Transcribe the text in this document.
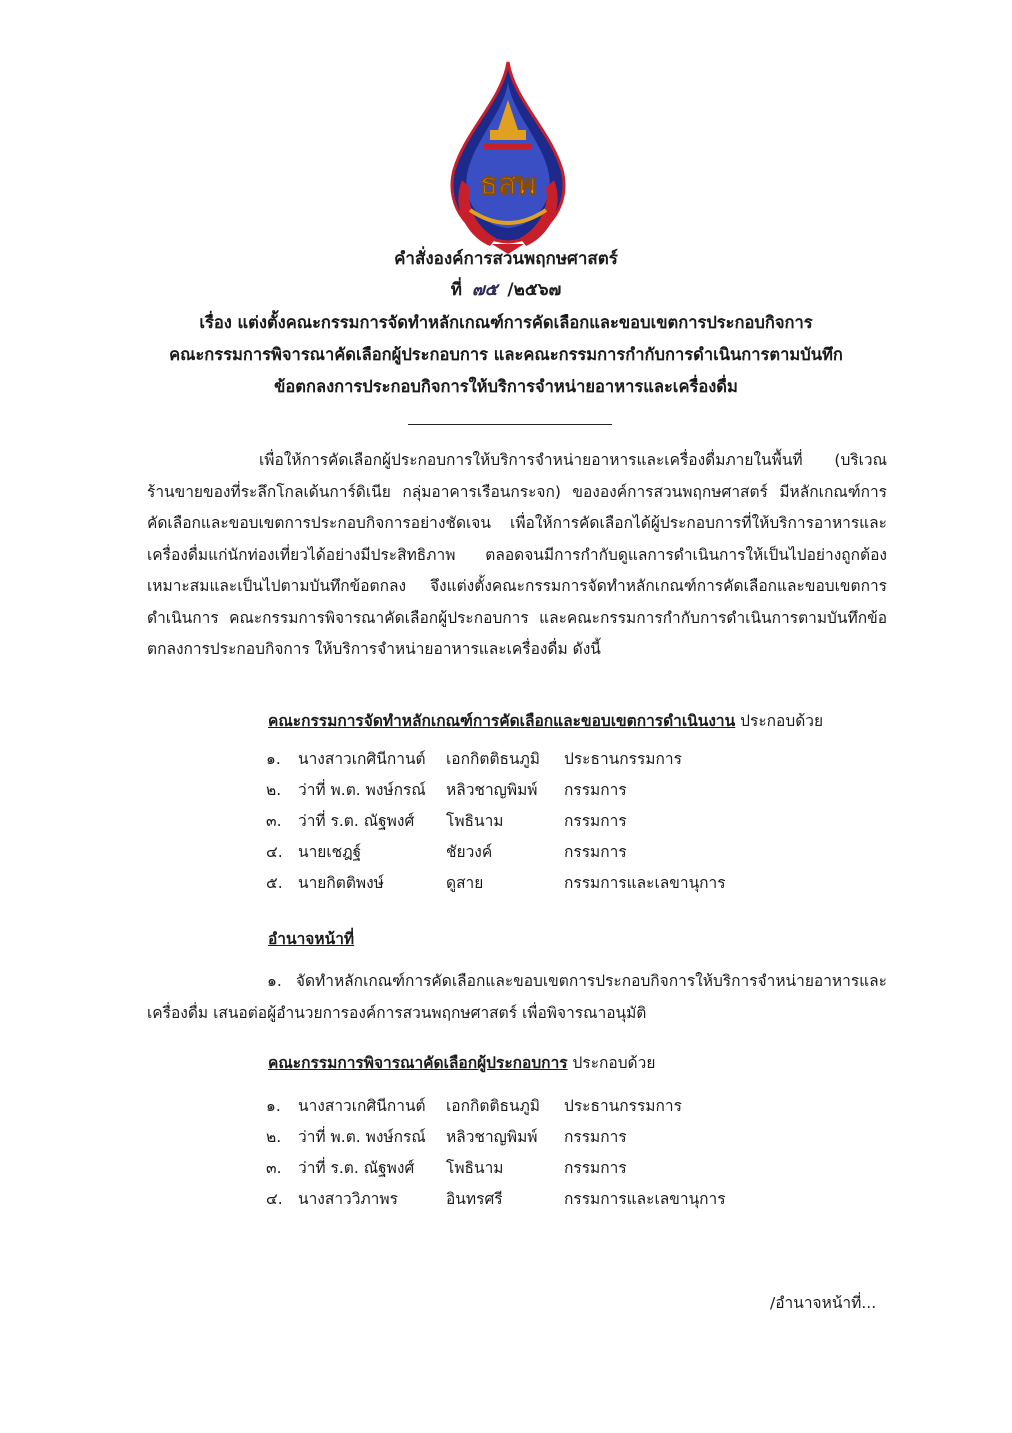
ธสพ
คำสั่งองค์การสวนพฤกษศาสตร์
ที่ ๗๕ /๒๕๖๗
เรื่อง แต่งตั้งคณะกรรมการจัดทำหลักเกณฑ์การคัดเลือกและขอบเขตการประกอบกิจการ
คณะกรรมการพิจารณาคัดเลือกผู้ประกอบการ และคณะกรรมการกำกับการดำเนินการตามบันทึก
ข้อตกลงการประกอบกิจการให้บริการจำหน่ายอาหารและเครื่องดื่ม

เพื่อให้การคัดเลือกผู้ประกอบการให้บริการจำหน่ายอาหารและเครื่องดื่มภายในพื้นที่ (บริเวณร้านขายของที่ระลึกโกลเด้นการ์ดิเนีย กลุ่มอาคารเรือนกระจก) ขององค์การสวนพฤกษศาสตร์ มีหลักเกณฑ์การคัดเลือกและขอบเขตการประกอบกิจการอย่างชัดเจน เพื่อให้การคัดเลือกได้ผู้ประกอบการที่ให้บริการอาหารและเครื่องดื่มแก่นักท่องเที่ยวได้อย่างมีประสิทธิภาพ ตลอดจนมีการกำกับดูแลการดำเนินการให้เป็นไปอย่างถูกต้องเหมาะสมและเป็นไปตามบันทึกข้อตกลง จึงแต่งตั้งคณะกรรมการจัดทำหลักเกณฑ์การคัดเลือกและขอบเขตการดำเนินการ คณะกรรมการพิจารณาคัดเลือกผู้ประกอบการ และคณะกรรมการกำกับการดำเนินการตามบันทึกข้อตกลงการประกอบกิจการ ให้บริการจำหน่ายอาหารและเครื่องดื่ม ดังนี้

คณะกรรมการจัดทำหลักเกณฑ์การคัดเลือกและขอบเขตการดำเนินงาน ประกอบด้วย
๑. นางสาวเกศินีกานต์ เอกกิตติธนภูมิ ประธานกรรมการ
๒. ว่าที่ พ.ต. พงษ์กรณ์ หลิวชาญพิมพ์ กรรมการ
๓. ว่าที่ ร.ต. ณัฐพงศ์ โพธินาม	กรรมการ
๔. นายเชฎฐ์	ชัยวงค์	กรรมการ
๕. นายกิตติพงษ์	ดูสาย	กรรมการและเลขานุการ
อำนาจหน้าที่

๑. จัดทำหลักเกณฑ์การคัดเลือกและขอบเขตการประกอบกิจการให้บริการจำหน่ายอาหารและเครื่องดื่ม เสนอต่อผู้อำนวยการองค์การสวนพฤกษศาสตร์ เพื่อพิจารณาอนุมัติ

คณะกรรมการพิจารณาคัดเลือกผู้ประกอบการ ประกอบด้วย
๑. นางสาวเกศินีกานต์ เอกกิตติธนภูมิ ประธานกรรมการ
๒. ว่าที่ พ.ต. พงษ์กรณ์ หลิวชาญพิมพ์ กรรมการ
๓. ว่าที่ ร.ต. ณัฐพงศ์ โพธินาม	กรรมการ
๔. นางสาววิภาพร	อินทรศรี	กรรมการและเลขานุการ
/อำนาจหน้าที่...
